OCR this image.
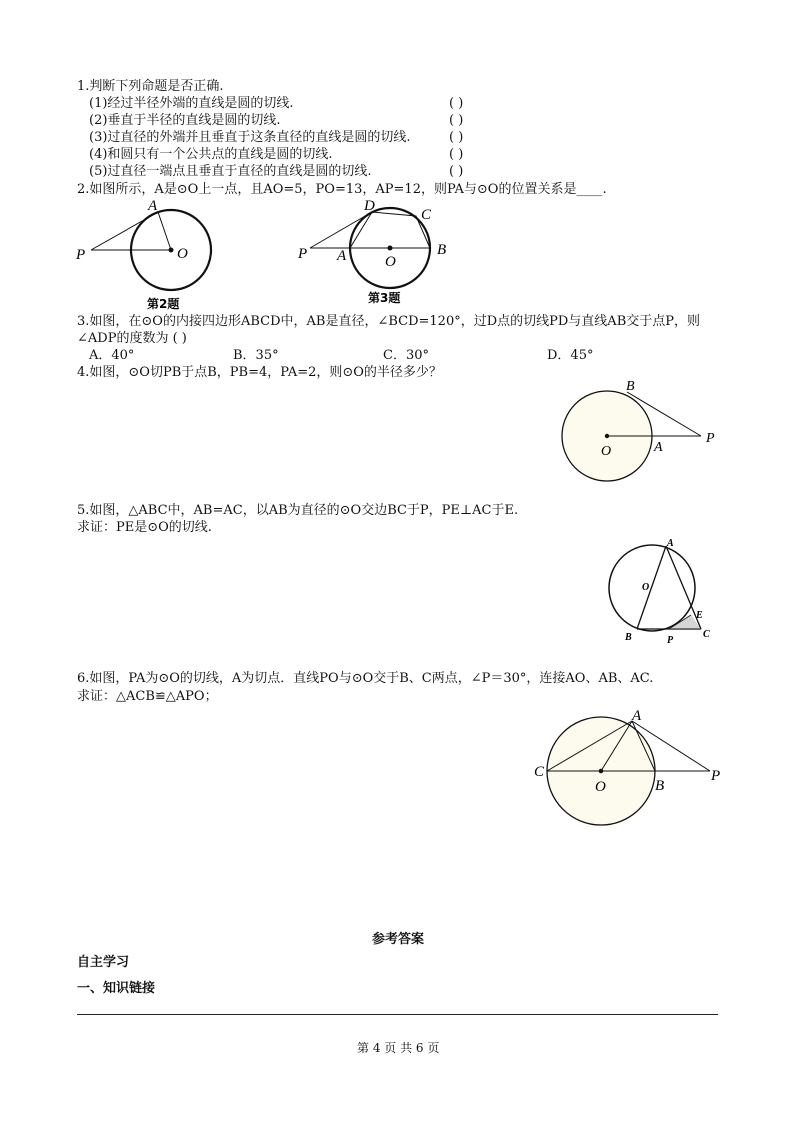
1.判断下列命题是否正确.
(1)经过半径外端的直线是圆的切线.	( )
(2)垂直于半径的直线是圆的切线.	( )
(3)过直径的外端并且垂直于这条直径的直线是圆的切线.	( )
(4)和圆只有一个公共点的直线是圆的切线.	( )
(5)过直径一端点且垂直于直径的直线是圆的切线.	( )
2.如图所示，A是⊙O上一点，且AO=5，PO=13，AP=12，则PA与⊙O的位置关系是____.
A
P	O
第2题
D
C
P A	O
B
第3题
3.如图，在⊙O的内接四边形ABCD中，AB是直径，∠BCD=120°，过D点的切线PD与直线AB交于点P，则
∠ADP的度数为 ( )
A．40°	B．35°	C．30°	D．45°
4.如图，⊙O切PB于点B，PB=4，PA=2，则⊙O的半径多少？
B
O	A
P
5.如图，△ABC中，AB=AC，以AB为直径的⊙O交边BC于P，PE⊥AC于E.
求证：PE是⊙O的切线.
A
O
E
B	P
C
6.如图，PA为⊙O的切线，A为切点．直线PO与⊙O交于B、C两点，∠P＝30°，连接AO、AB、AC.
求证：△ACB≌△APO；
A
C
O	B
P
参考答案
自主学习
一、知识链接
第 4 页 共 6 页
